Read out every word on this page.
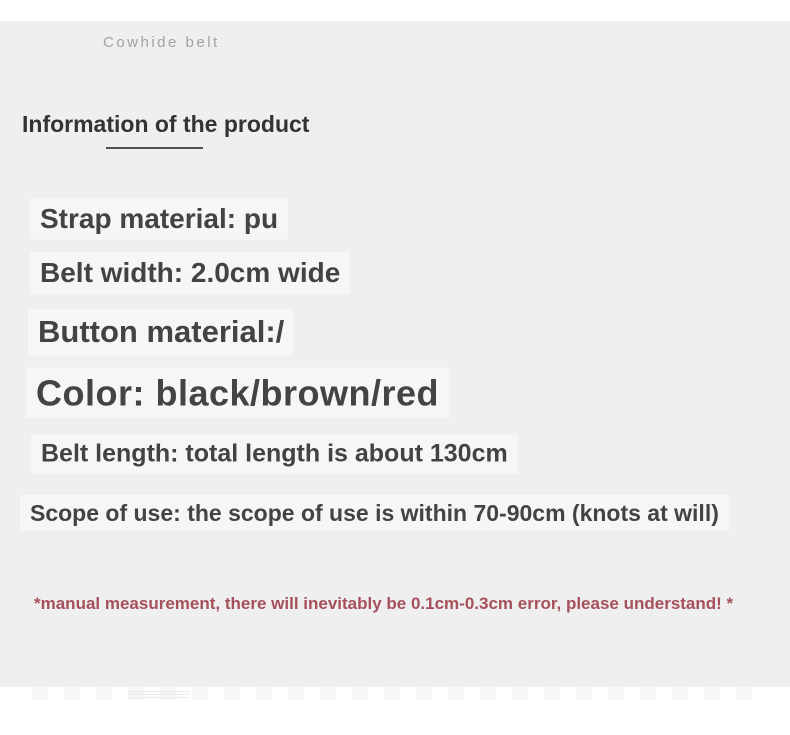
Cowhide belt
Information of the product
Strap material: pu
Belt width: 2.0cm wide
Button material:/
Color: black/brown/red
Belt length: total length is about 130cm
Scope of use: the scope of use is within 70-90cm (knots at will)
*manual measurement, there will inevitably be 0.1cm-0.3cm error, please understand! *
